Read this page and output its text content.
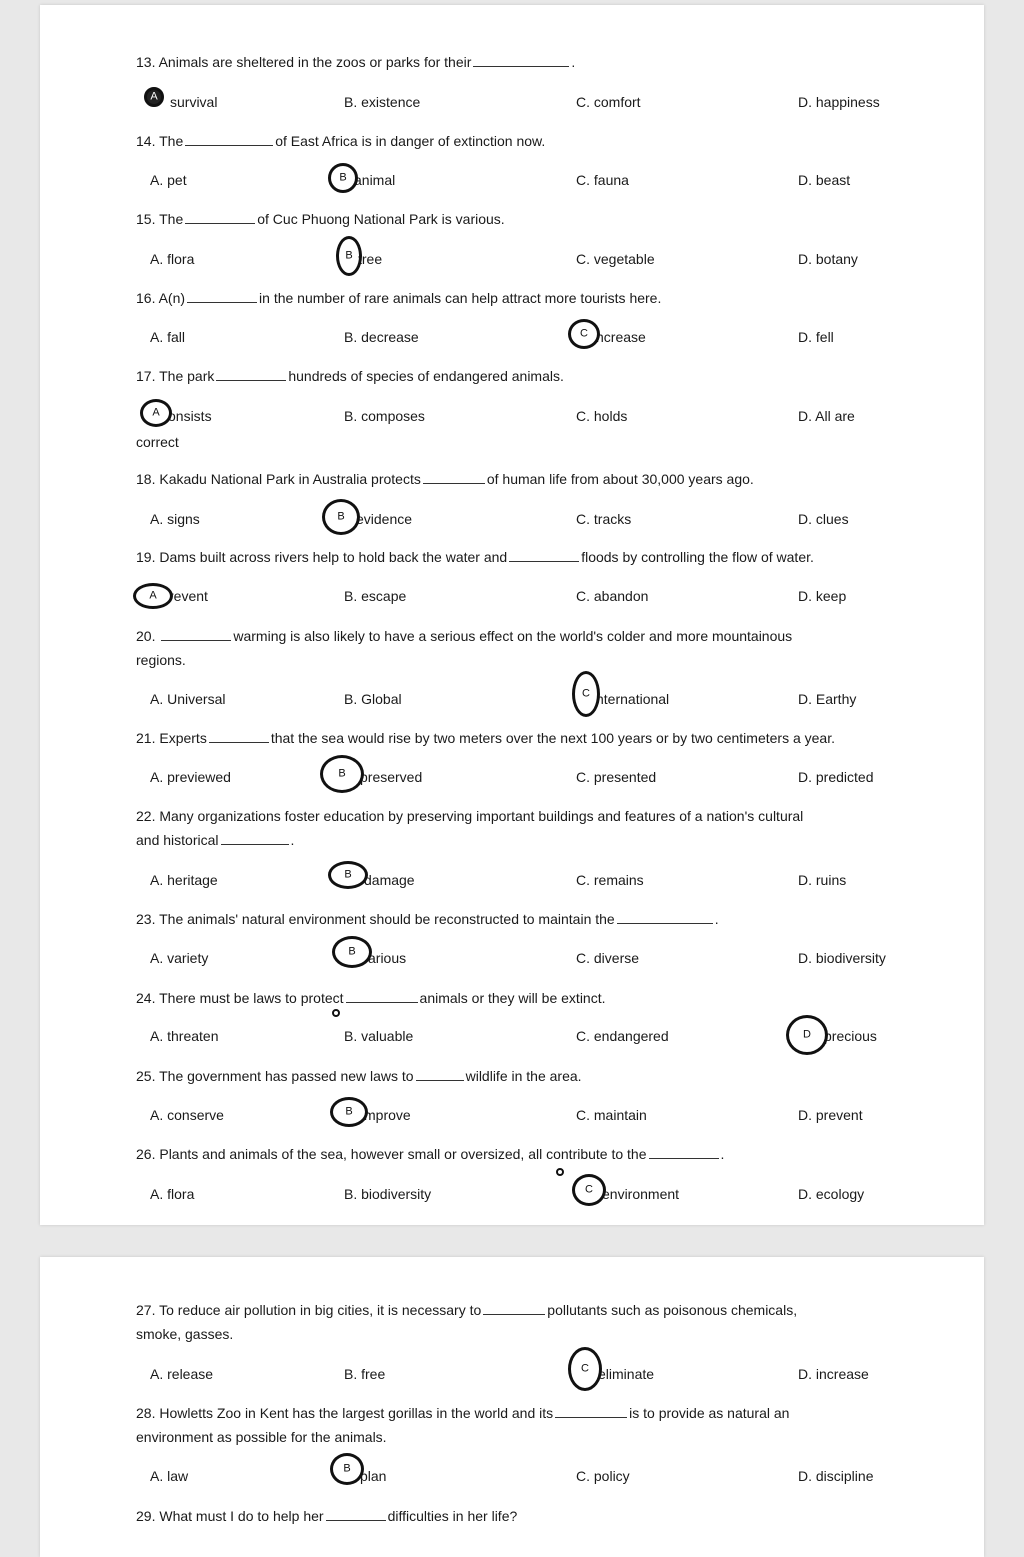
13. Animals are sheltered in the zoos or parks for their	.
survival	B. existence	C. comfort	D. happiness
A
14. The	of East Africa is in danger of extinction now.
A. pet	animal	C. fauna	D. beast
B
15. The	of Cuc Phuong National Park is various.
A. flora	tree	C. vegetable	D. botany
B
16. A(n)	in the number of rare animals can help attract more tourists here.
A. fall	B. decrease	ncrease	D. fell
C
17. The park	hundreds of species of endangered animals.
correct
onsists	B. composes	C. holds	D. All are
A
18. Kakadu National Park in Australia protects	of human life from about 30,000 years ago.
A. signs	evidence	C. tracks	D. clues
B
19. Dams built across rivers help to hold back the water and	floods by controlling the flow of water.
revent	B. escape	C. abandon	D. keep
A
20.	warming is also likely to have a serious effect on the world's colder and more mountainous
regions.
A. Universal	B. Global	nternational	D. Earthy
C
21. Experts	that the sea would rise by two meters over the next 100 years or by two centimeters a year.
A. previewed	preserved	C. presented	D. predicted
B
22. Many organizations foster education by preserving important buildings and features of a nation's cultural
and historical	.
A. heritage	damage	C. remains	D. ruins
B
23. The animals' natural environment should be reconstructed to maintain the	.
A. variety	arious	C. diverse	D. biodiversity
B
24. There must be laws to protect	animals or they will be extinct.
A. threaten	B. valuable	C. endangered	precious
D
25. The government has passed new laws to	wildlife in the area.
A. conserve	mprove	C. maintain	D. prevent
B
26. Plants and animals of the sea, however small or oversized, all contribute to the	.
A. flora	B. biodiversity	environment	D. ecology
C
27. To reduce air pollution in big cities, it is necessary to	pollutants such as poisonous chemicals,
smoke, gasses.
A. release	B. free	eliminate	D. increase
C
28. Howletts Zoo in Kent has the largest gorillas in the world and its	is to provide as natural an
environment as possible for the animals.
A. law	plan	C. policy	D. discipline
B
29. What must I do to help her	difficulties in her life?
